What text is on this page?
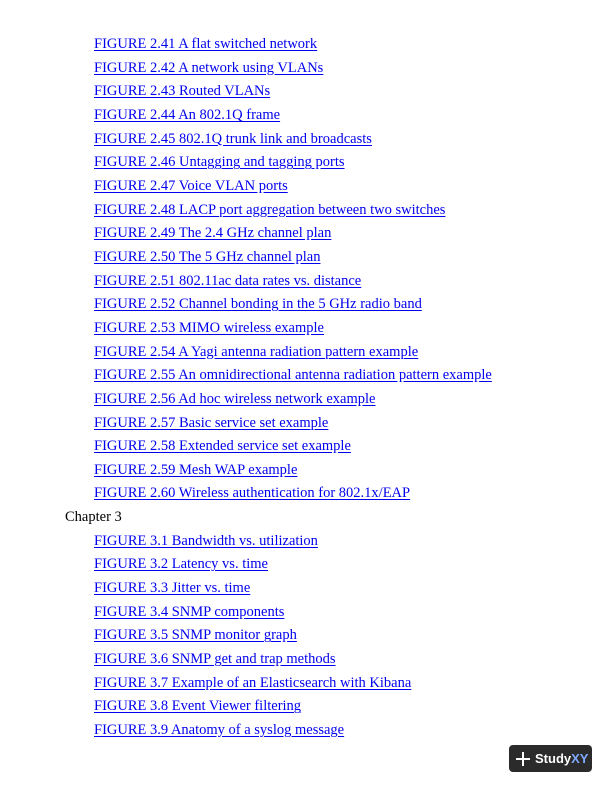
FIGURE 2.41 A flat switched network
FIGURE 2.42 A network using VLANs
FIGURE 2.43 Routed VLANs
FIGURE 2.44 An 802.1Q frame
FIGURE 2.45 802.1Q trunk link and broadcasts
FIGURE 2.46 Untagging and tagging ports
FIGURE 2.47 Voice VLAN ports
FIGURE 2.48 LACP port aggregation between two switches
FIGURE 2.49 The 2.4 GHz channel plan
FIGURE 2.50 The 5 GHz channel plan
FIGURE 2.51 802.11ac data rates vs. distance
FIGURE 2.52 Channel bonding in the 5 GHz radio band
FIGURE 2.53 MIMO wireless example
FIGURE 2.54 A Yagi antenna radiation pattern example
FIGURE 2.55 An omnidirectional antenna radiation pattern example
FIGURE 2.56 Ad hoc wireless network example
FIGURE 2.57 Basic service set example
FIGURE 2.58 Extended service set example
FIGURE 2.59 Mesh WAP example
FIGURE 2.60 Wireless authentication for 802.1x/EAP
Chapter 3
FIGURE 3.1 Bandwidth vs. utilization
FIGURE 3.2 Latency vs. time
FIGURE 3.3 Jitter vs. time
FIGURE 3.4 SNMP components
FIGURE 3.5 SNMP monitor graph
FIGURE 3.6 SNMP get and trap methods
FIGURE 3.7 Example of an Elasticsearch with Kibana
FIGURE 3.8 Event Viewer filtering
FIGURE 3.9 Anatomy of a syslog message
StudyXY
